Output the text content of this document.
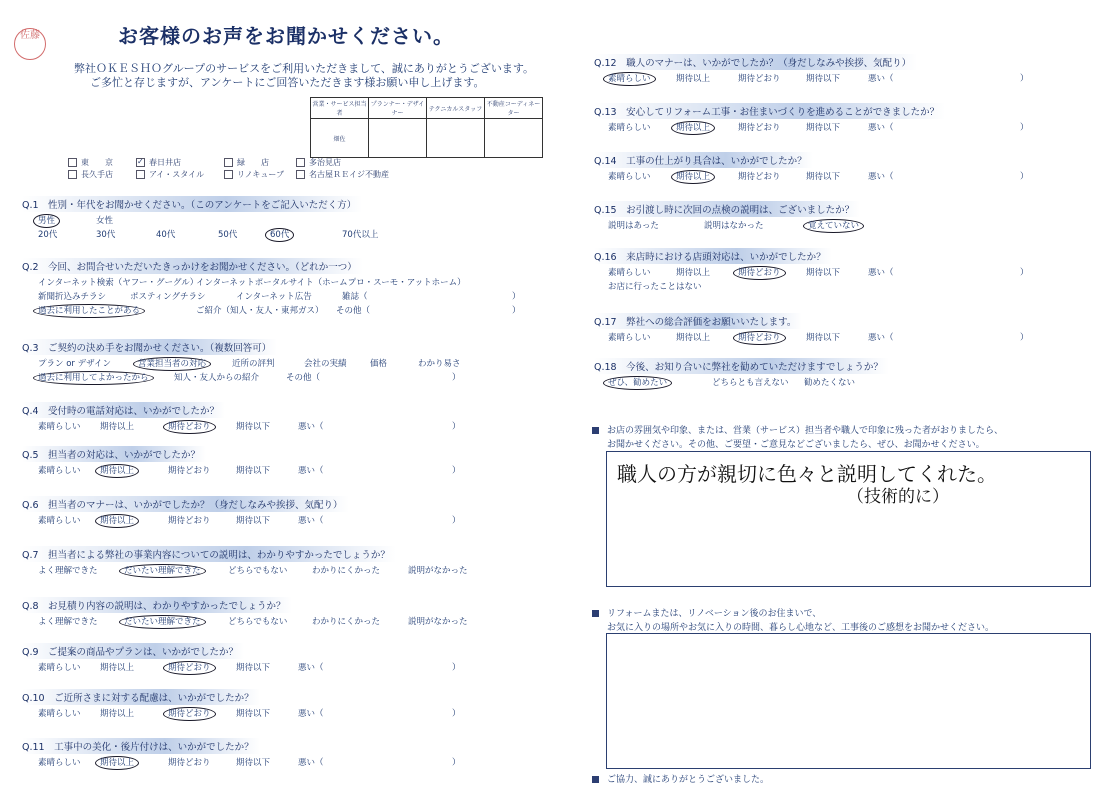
佐藤	お客様のお声をお聞かせください。
弊社ＯＫＥＳＨＯグループのサービスをご利用いただきまして、誠にありがとうございます。
ご多忙と存じますが、アンケートにご回答いただきます様お願い申し上げます。
営業・サービス担当者	プランナー・デザイナー	テクニカルスタッフ	不動産コーディネーター
畑佐			
東　　京	✓ 春日井店	緑　　店	多治見店
長久手店	アイ・スタイル	リノキューブ	名古屋ＲＥイジ不動産
Q.1　性別・年代をお聞かせください。（このアンケートをご記入いただく方）
男性	女性
20代	30代	40代	50代	60代	70代以上
Q.2　今回、お問合せいただいたきっかけをお聞かせください。（どれか一つ）
インターネット検索（ヤフー・グーグル）
インターネットポータルサイト（ホームプロ・スーモ・アットホーム）
新聞折込みチラシ	ポスティングチラシ	インターネット広告	雑誌（	）
過去に利用したことがある	ご紹介（知人・友人・東邦ガス） その他（	）
Q.3　ご契約の決め手をお聞かせください。（複数回答可）
プラン or デザイン	営業担当者の対応	近所の評判	会社の実績	価格	わかり易さ
過去に利用してよかったから	知人・友人からの紹介	その他（	）
Q.4　受付時の電話対応は、いかがでしたか？
素晴らしい 期待以上	期待どおり	期待以下	悪い（	）
Q.5　担当者の対応は、いかがでしたか？
素晴らしい 期待以上	期待どおり	期待以下	悪い（	）
Q.6　担当者のマナーは、いかがでしたか？（身だしなみや挨拶、気配り）
素晴らしい 期待以上	期待どおり	期待以下	悪い（	）
Q.7　担当者による弊社の事業内容についての説明は、わかりやすかったでしょうか？
よく理解できた	だいたい理解できた	どちらでもない	わかりにくかった	説明がなかった
Q.8　お見積り内容の説明は、わかりやすかったでしょうか？
よく理解できた	だいたい理解できた	どちらでもない	わかりにくかった	説明がなかった
Q.9　ご提案の商品やプランは、いかがでしたか？
素晴らしい 期待以上	期待どおり	期待以下	悪い（	）
Q.10　ご近所さまに対する配慮は、いかがでしたか？
素晴らしい 期待以上	期待どおり	期待以下	悪い（	）
Q.11　工事中の美化・後片付けは、いかがでしたか？
素晴らしい 期待以上	期待どおり	期待以下	悪い（	）
Q.12　職人のマナーは、いかがでしたか？（身だしなみや挨拶、気配り）
素晴らしい	期待以上	期待どおり	期待以下	悪い（	）
Q.13　安心してリフォーム工事・お住まいづくりを進めることができましたか？
素晴らしい	期待以上	期待どおり	期待以下	悪い（	）
Q.14　工事の仕上がり具合は、いかがでしたか？
素晴らしい	期待以上	期待どおり	期待以下	悪い（	）
Q.15　お引渡し時に次回の点検の説明は、ございましたか？
説明はあった	説明はなかった	覚えていない
Q.16　来店時における店頭対応は、いかがでしたか？
素晴らしい	期待以上	期待どおり	期待以下	悪い（	）
お店に行ったことはない
Q.17　弊社への総合評価をお願いいたします。
素晴らしい	期待以上	期待どおり	期待以下	悪い（	）
Q.18　今後、お知り合いに弊社を勧めていただけますでしょうか？
ぜひ、勧めたい	どちらとも言えない 勧めたくない
お店の雰囲気や印象、または、営業（サービス）担当者や職人で印象に残った者がおりましたら、
お聞かせください。その他、ご要望・ご意見などございましたら、ぜひ、お聞かせください。
職人の方が親切に色々と説明してくれた。
（技術的に）
リフォームまたは、リノベーション後のお住まいで、
お気に入りの場所やお気に入りの時間、暮らし心地など、工事後のご感想をお聞かせください。
ご協力、誠にありがとうございました。
